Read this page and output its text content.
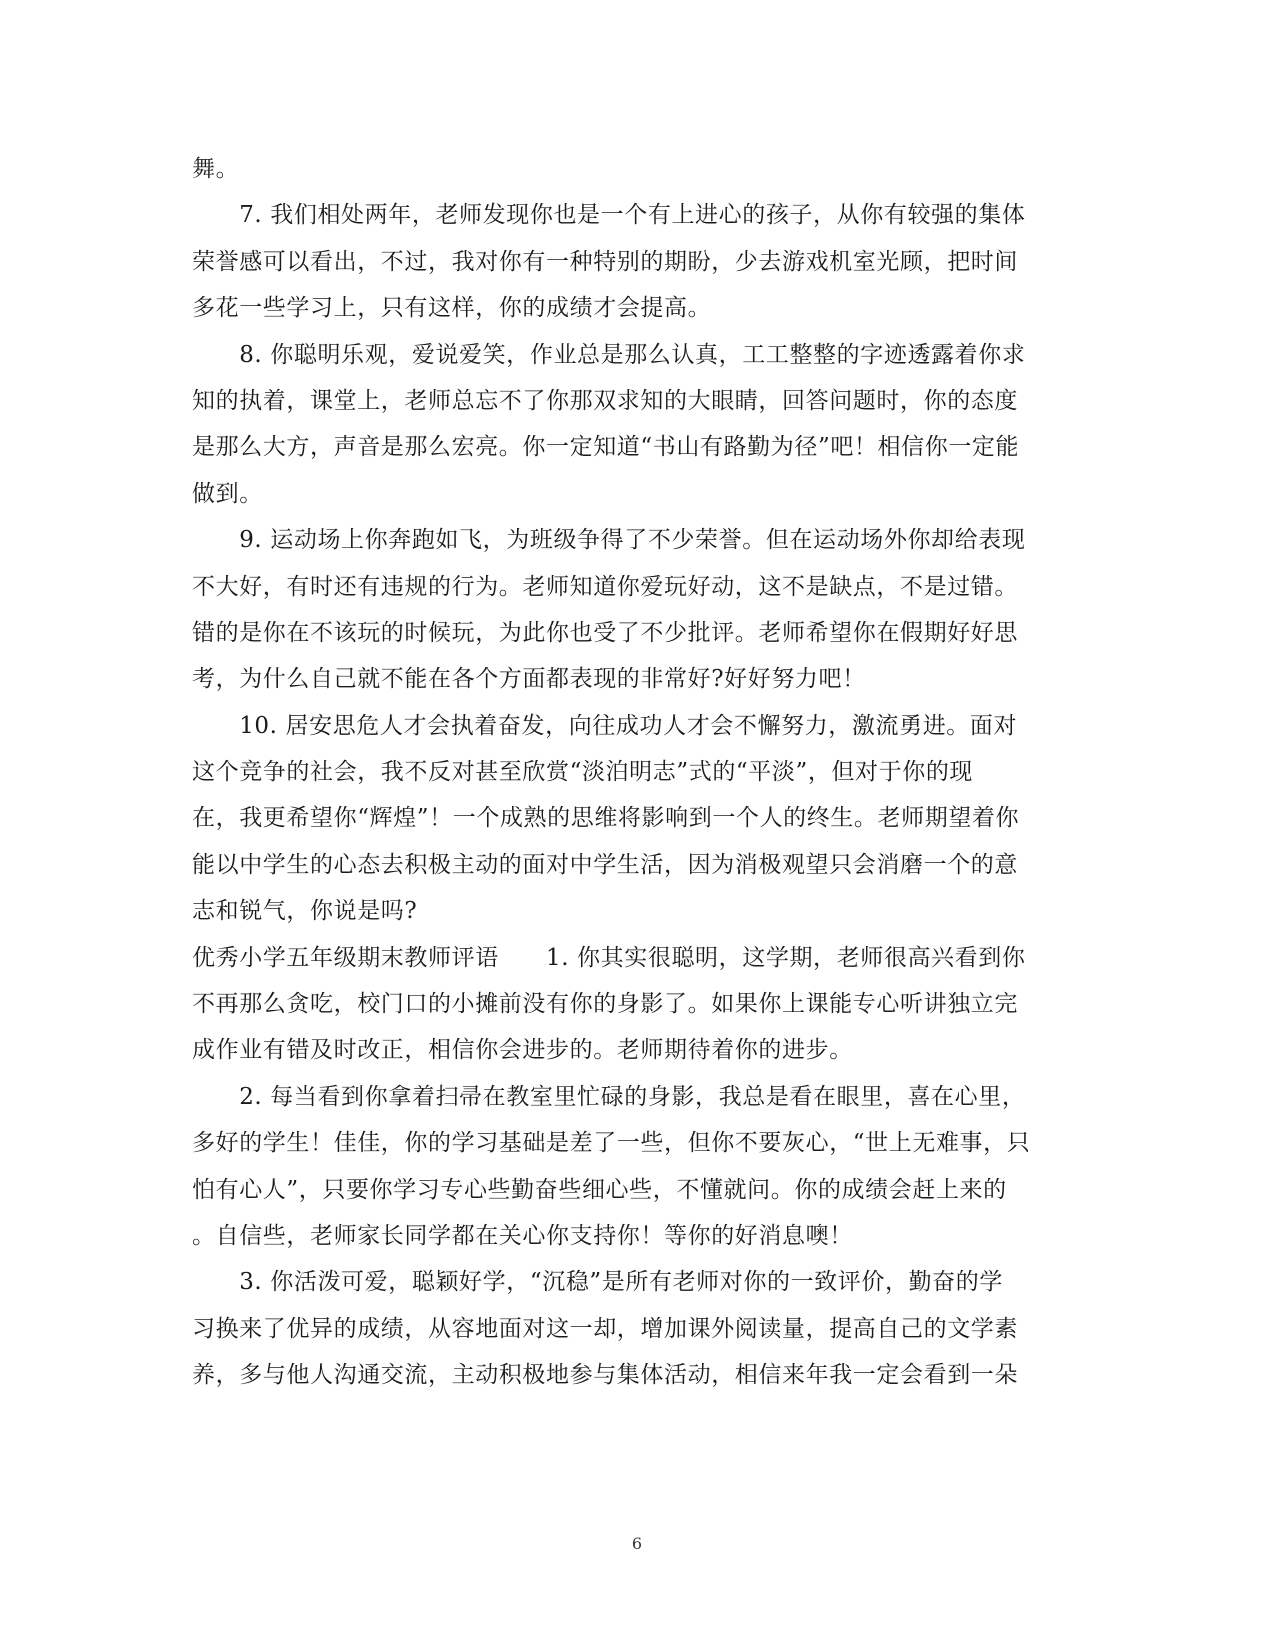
舞。
　　7. 我们相处两年，老师发现你也是一个有上进心的孩子，从你有较强的集体
荣誉感可以看出，不过，我对你有一种特别的期盼，少去游戏机室光顾，把时间
多花一些学习上，只有这样，你的成绩才会提高。
　　8. 你聪明乐观，爱说爱笑，作业总是那么认真，工工整整的字迹透露着你求
知的执着，课堂上，老师总忘不了你那双求知的大眼睛，回答问题时，你的态度
是那么大方，声音是那么宏亮。你一定知道“书山有路勤为径”吧！相信你一定能
做到。
　　9. 运动场上你奔跑如飞，为班级争得了不少荣誉。但在运动场外你却给表现
不大好，有时还有违规的行为。老师知道你爱玩好动，这不是缺点，不是过错。
错的是你在不该玩的时候玩，为此你也受了不少批评。老师希望你在假期好好思
考，为什么自己就不能在各个方面都表现的非常好?好好努力吧！
　　10. 居安思危人才会执着奋发，向往成功人才会不懈努力，激流勇进。面对
这个竞争的社会，我不反对甚至欣赏“淡泊明志”式的“平淡”，但对于你的现
在，我更希望你“辉煌”！一个成熟的思维将影响到一个人的终生。老师期望着你
能以中学生的心态去积极主动的面对中学生活，因为消极观望只会消磨一个的意
志和锐气，你说是吗?
优秀小学五年级期末教师评语　　1. 你其实很聪明，这学期，老师很高兴看到你
不再那么贪吃，校门口的小摊前没有你的身影了。如果你上课能专心听讲独立完
成作业有错及时改正，相信你会进步的。老师期待着你的进步。
　　2. 每当看到你拿着扫帚在教室里忙碌的身影，我总是看在眼里，喜在心里，
多好的学生！佳佳，你的学习基础是差了一些，但你不要灰心，“世上无难事，只
怕有心人”，只要你学习专心些勤奋些细心些，不懂就问。你的成绩会赶上来的
。自信些，老师家长同学都在关心你支持你！等你的好消息噢！
　　3. 你活泼可爱，聪颖好学，“沉稳”是所有老师对你的一致评价，勤奋的学
习换来了优异的成绩，从容地面对这一却，增加课外阅读量，提高自己的文学素
养，多与他人沟通交流，主动积极地参与集体活动，相信来年我一定会看到一朵
6
